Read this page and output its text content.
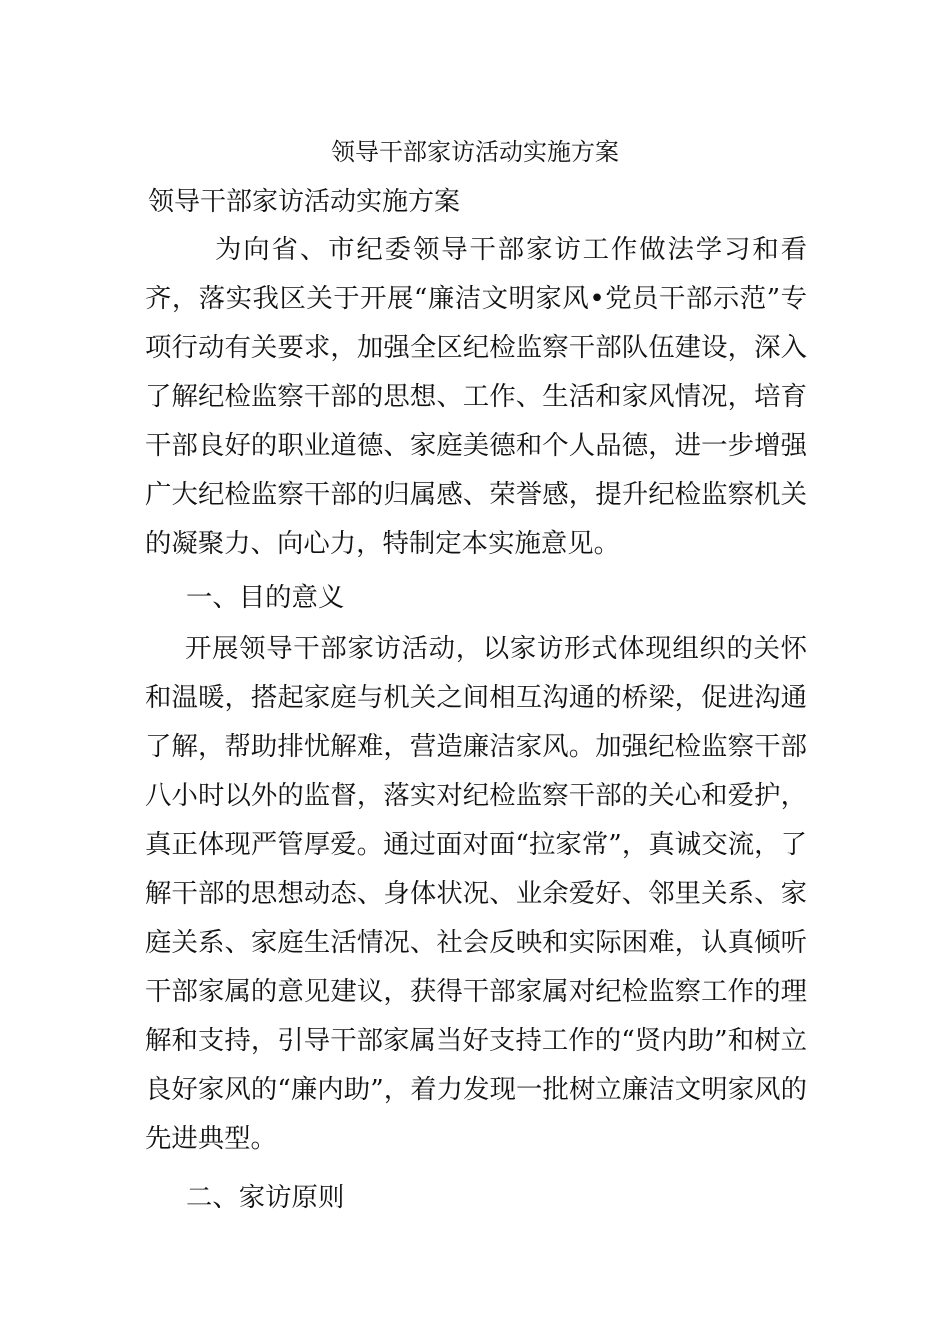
领导干部家访活动实施方案
领导干部家访活动实施方案

为向省、市纪委领导干部家访工作做法学习和看齐，落实我区关于开展“廉洁文明家风•党员干部示范”专项行动有关要求，加强全区纪检监察干部队伍建设，深入了解纪检监察干部的思想、工作、生活和家风情况，培育干部良好的职业道德、家庭美德和个人品德，进一步增强广大纪检监察干部的归属感、荣誉感，提升纪检监察机关的凝聚力、向心力，特制定本实施意见。

一、目的意义

开展领导干部家访活动，以家访形式体现组织的关怀和温暖，搭起家庭与机关之间相互沟通的桥梁，促进沟通了解，帮助排忧解难，营造廉洁家风。加强纪检监察干部八小时以外的监督，落实对纪检监察干部的关心和爱护，真正体现严管厚爱。通过面对面“拉家常”，真诚交流，了解干部的思想动态、身体状况、业余爱好、邻里关系、家庭关系、家庭生活情况、社会反映和实际困难，认真倾听干部家属的意见建议，获得干部家属对纪检监察工作的理解和支持，引导干部家属当好支持工作的“贤内助”和树立良好家风的“廉内助”，着力发现一批树立廉洁文明家风的先进典型。

二、家访原则
